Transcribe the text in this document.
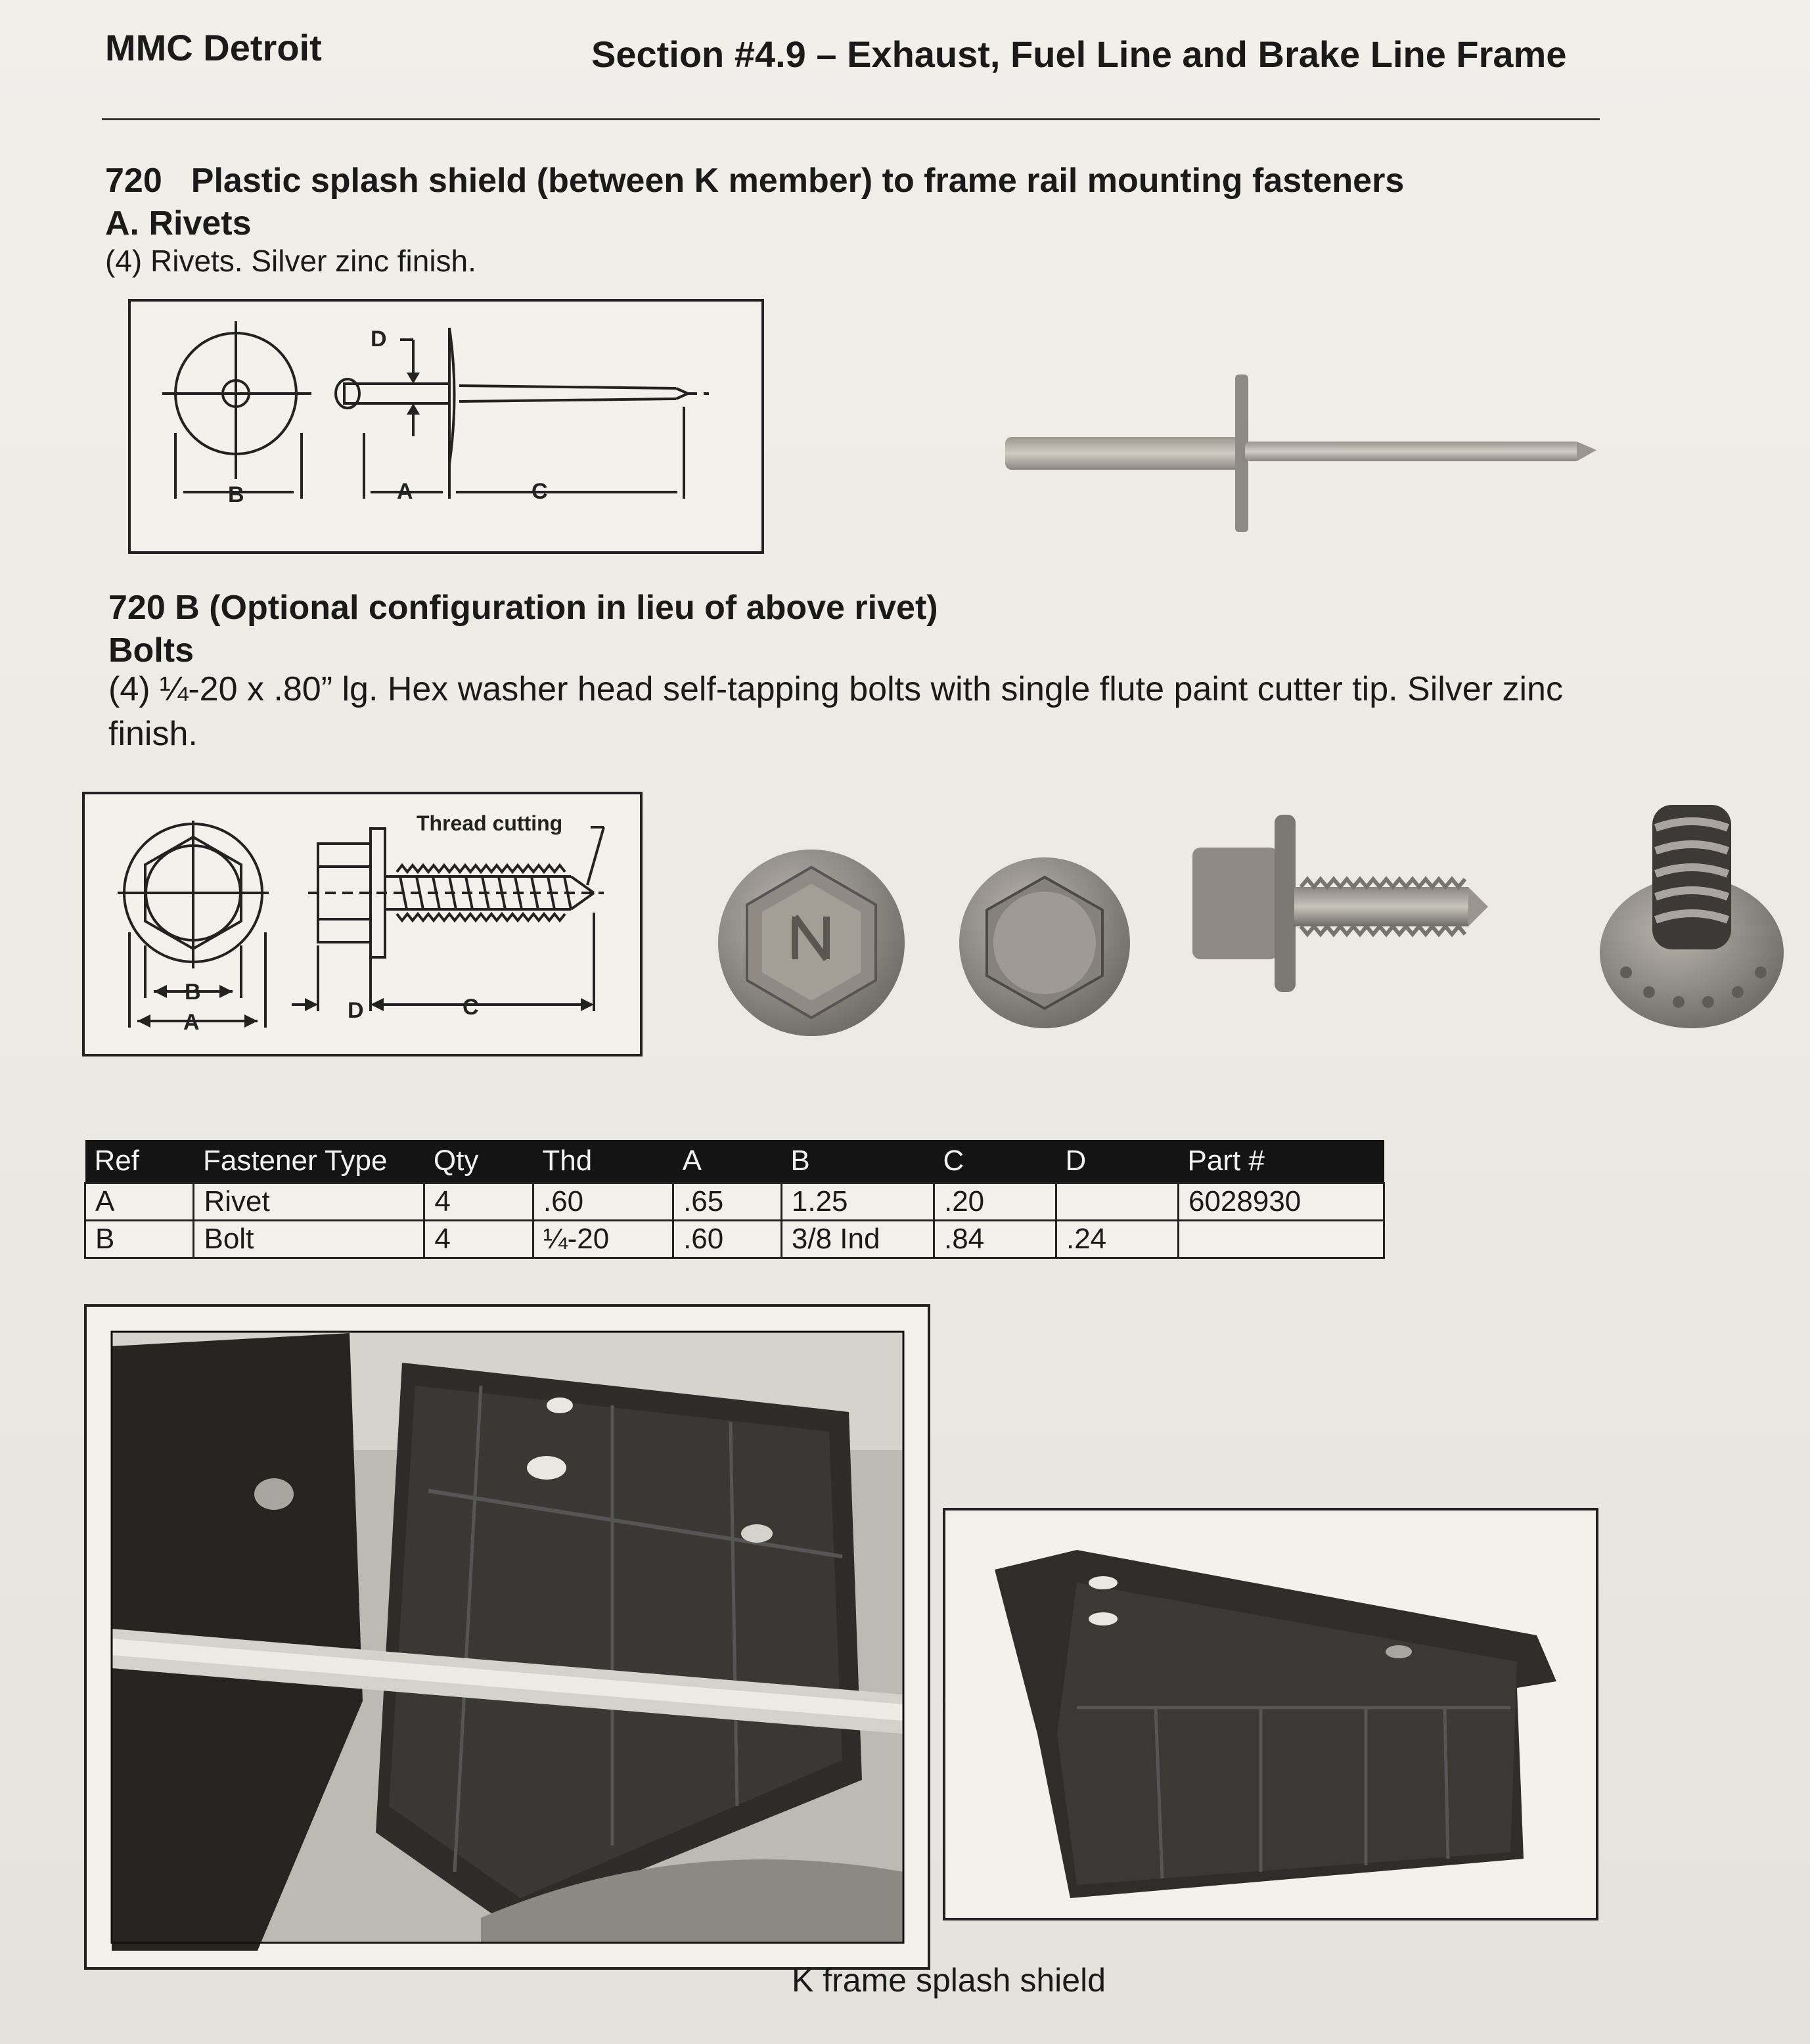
MMC Detroit	Section #4.9 – Exhaust, Fuel Line and Brake Line Frame
720 Plastic splash shield (between K member) to frame rail mounting fasteners
A. Rivets
(4) Rivets. Silver zinc finish.
D
B	A	C
720 B (Optional configuration in lieu of above rivet)
Bolts
(4) ¼-20 x .80” lg. Hex washer head self-tapping bolts with single flute paint cutter tip. Silver zinc finish.
Thread cutting
B
A	D	C
Ref	Fastener Type	Qty	Thd	A	B	C	D	Part #
A	Rivet	4	.60	.65	1.25	.20		6028930
B	Bolt	4	¼-20	.60	3/8 Ind	.84	.24	
K frame splash shield
